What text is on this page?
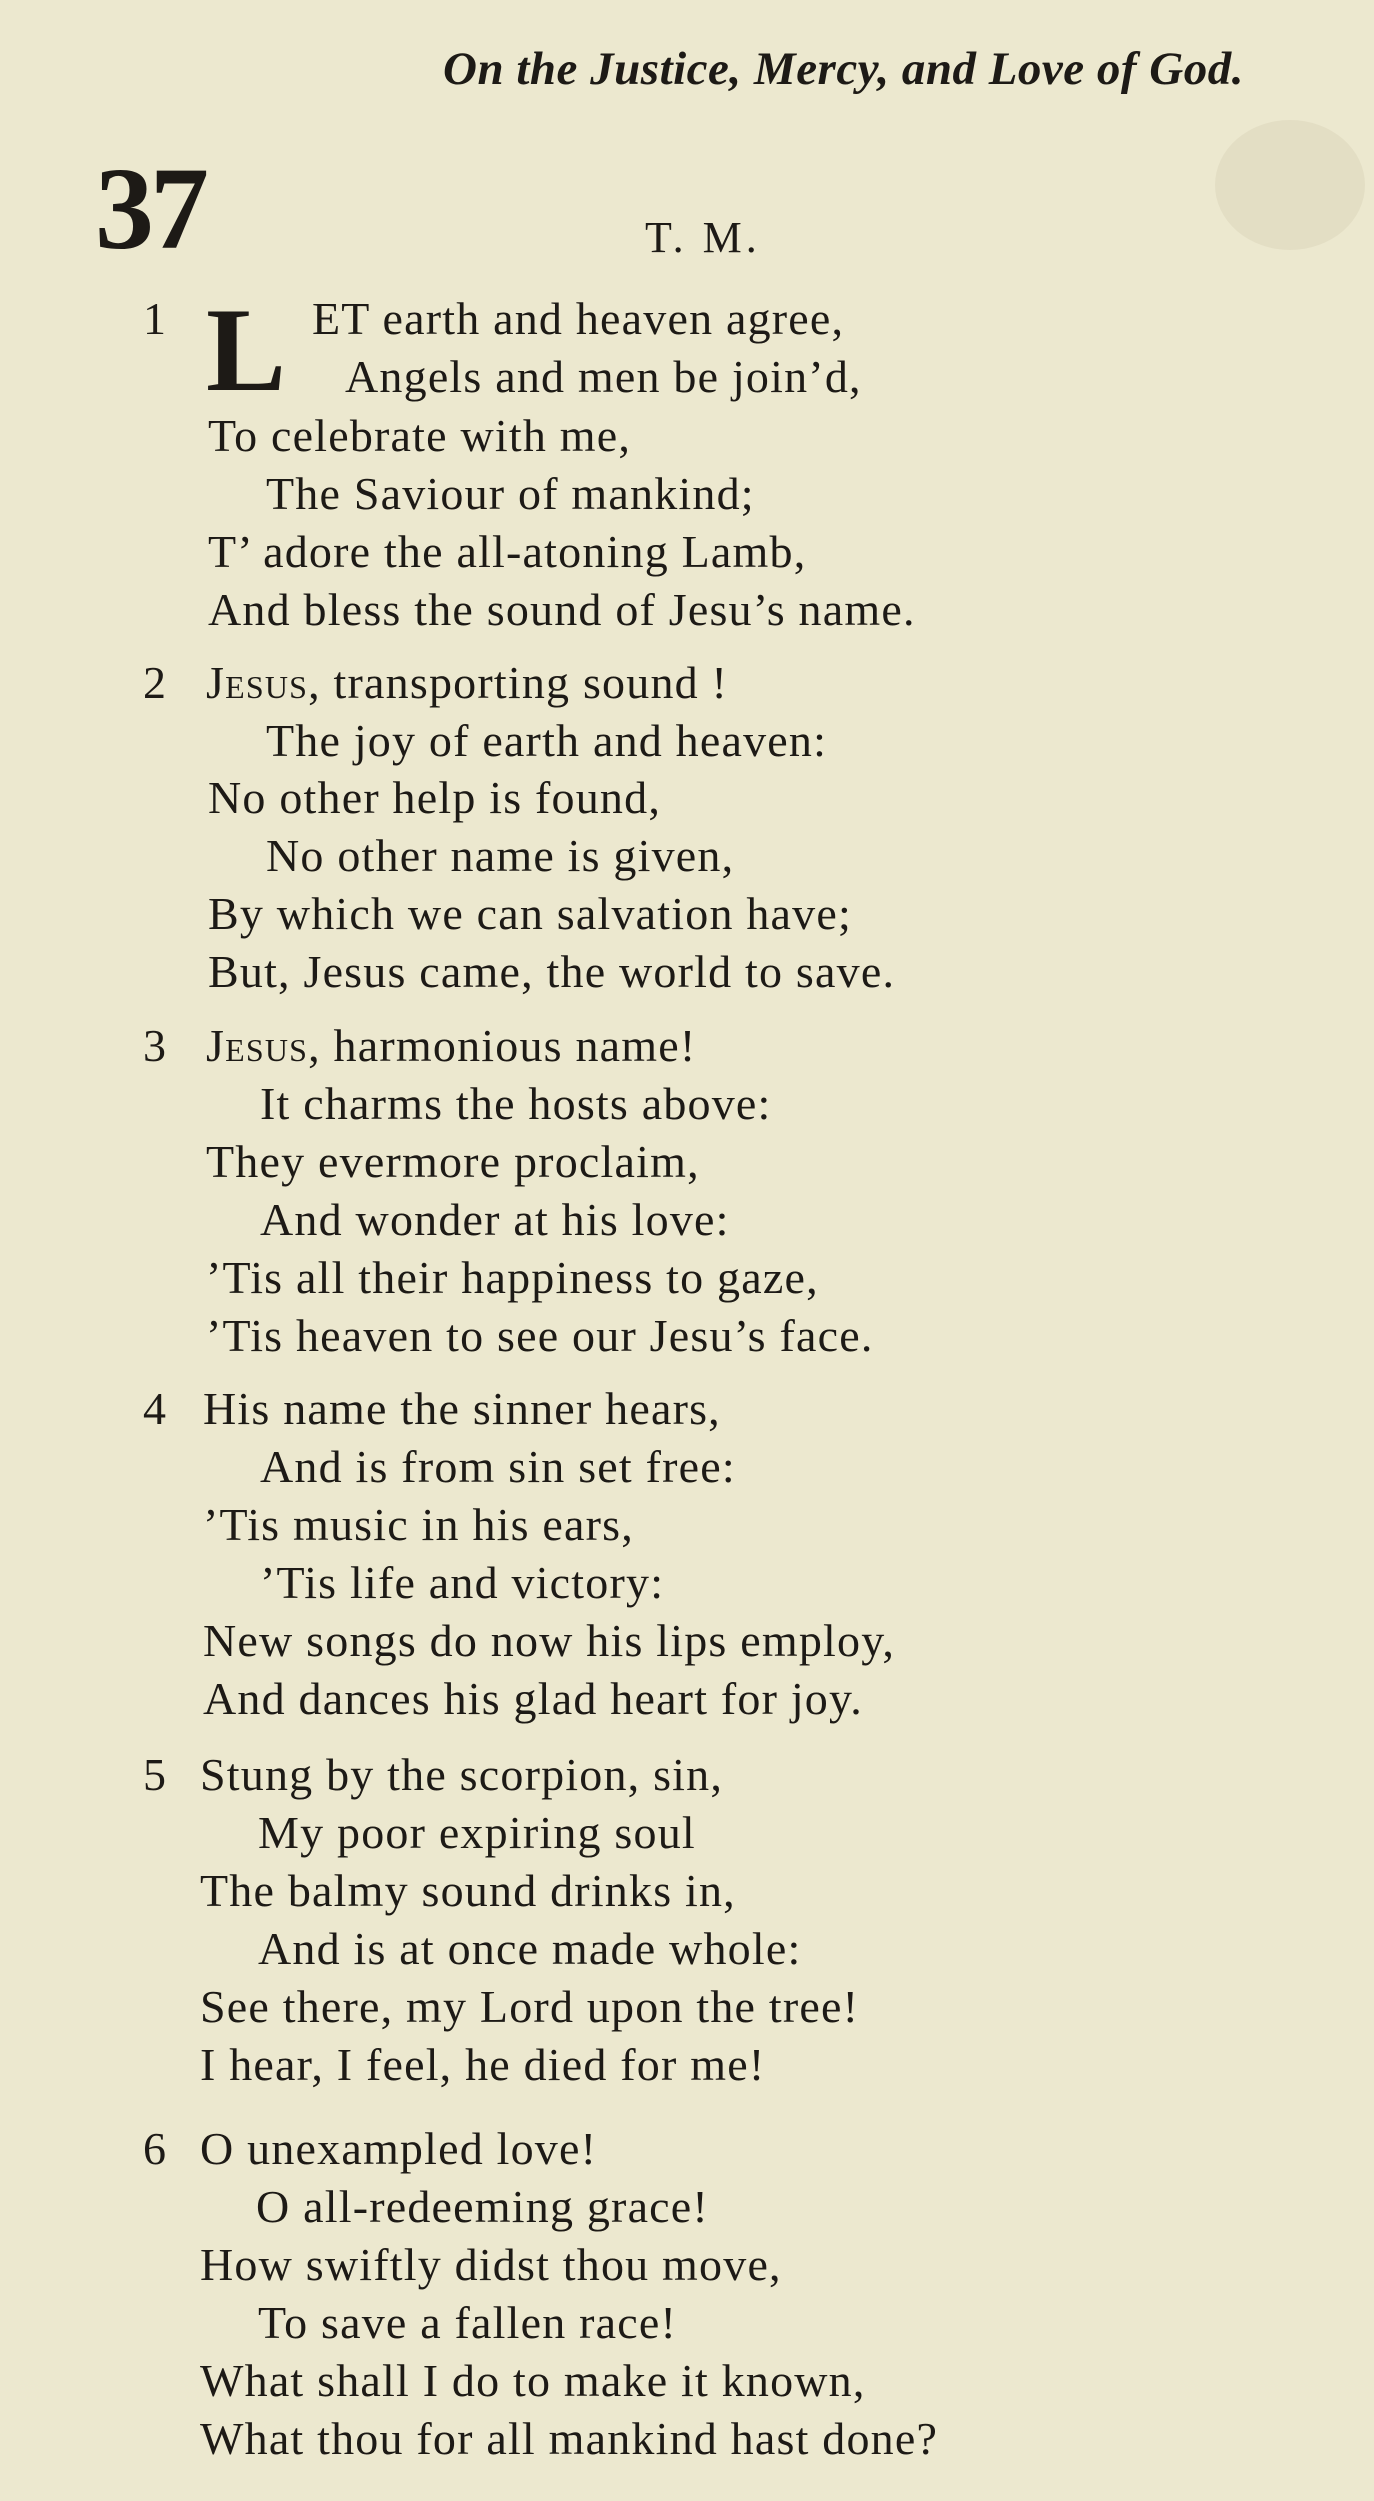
On the Justice, Mercy, and Love of God.
37	T. M.
1 L ET earth and heaven agree,
Angels and men be join’d,
To celebrate with me,
The Saviour of mankind;
T’ adore the all-atoning Lamb,
And bless the sound of Jesu’s name.
2 Jesus, transporting sound !
The joy of earth and heaven:
No other help is found,
No other name is given,
By which we can salvation have;
But, Jesus came, the world to save.
3 Jesus, harmonious name!
It charms the hosts above:
They evermore proclaim,
And wonder at his love:
’Tis all their happiness to gaze,
’Tis heaven to see our Jesu’s face.
4 His name the sinner hears,
And is from sin set free:
’Tis music in his ears,
’Tis life and victory:
New songs do now his lips employ,
And dances his glad heart for joy.
5 Stung by the scorpion, sin,
My poor expiring soul
The balmy sound drinks in,
And is at once made whole:
See there, my Lord upon the tree!
I hear, I feel, he died for me!
6 O unexampled love!
O all-redeeming grace!
How swiftly didst thou move,
To save a fallen race!
What shall I do to make it known,
What thou for all mankind hast done?
